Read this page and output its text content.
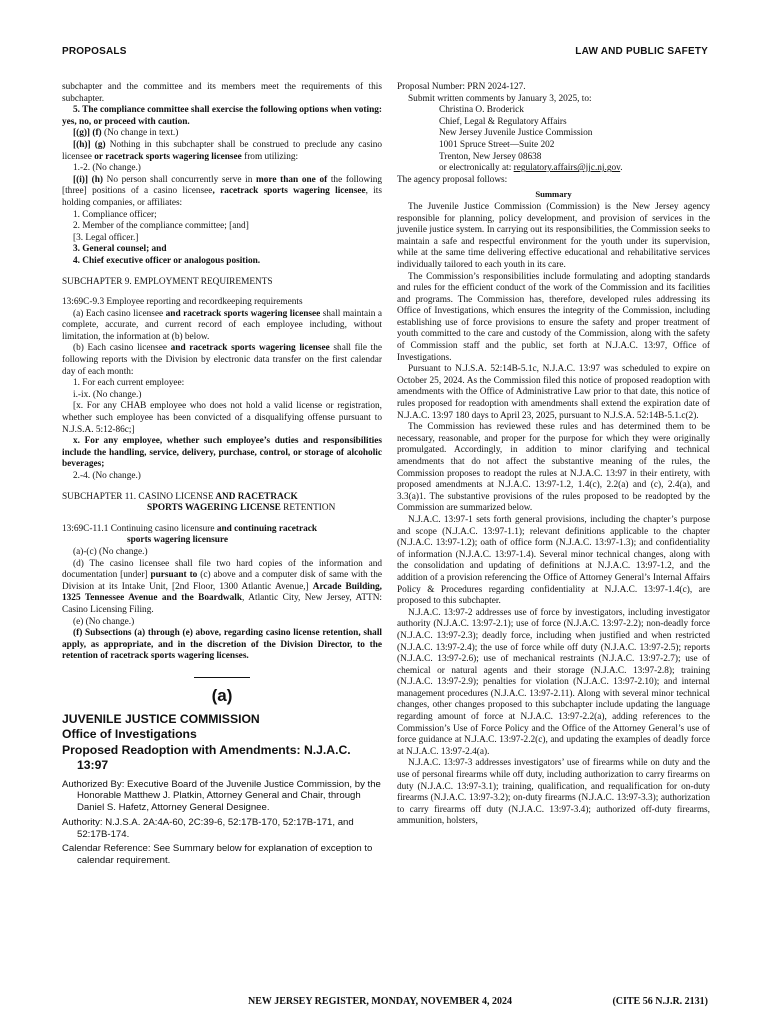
PROPOSALS	LAW AND PUBLIC SAFETY

subchapter and the committee and its members meet the requirements of this subchapter.

5. The compliance committee shall exercise the following options when voting: yes, no, or proceed with caution.

[(g)] (f) (No change in text.)

[(h)] (g) Nothing in this subchapter shall be construed to preclude any casino licensee or racetrack sports wagering licensee from utilizing:

1.-2. (No change.)

[(i)] (h) No person shall concurrently serve in more than one of the following [three] positions of a casino licensee, racetrack sports wagering licensee, its holding companies, or affiliates:

1. Compliance officer;

2. Member of the compliance committee; [and]

[3. Legal officer.]

3. General counsel; and

4. Chief executive officer or analogous position.

SUBCHAPTER 9. EMPLOYMENT REQUIREMENTS

13:69C-9.3 Employee reporting and recordkeeping requirements

(a) Each casino licensee and racetrack sports wagering licensee shall maintain a complete, accurate, and current record of each employee including, without limitation, the information at (b) below.

(b) Each casino licensee and racetrack sports wagering licensee shall file the following reports with the Division by electronic data transfer on the first calendar day of each month:

1. For each current employee:

i.-ix. (No change.)

[x. For any CHAB employee who does not hold a valid license or registration, whether such employee has been convicted of a disqualifying offense pursuant to N.J.S.A. 5:12-86c;]

x. For any employee, whether such employee’s duties and responsibilities include the handling, service, delivery, purchase, control, or storage of alcoholic beverages;

2.-4. (No change.)

SUBCHAPTER 11. CASINO LICENSE AND RACETRACK

SPORTS WAGERING LICENSE RETENTION

13:69C-11.1 Continuing casino licensure and continuing racetrack

sports wagering licensure

(a)-(c) (No change.)

(d) The casino licensee shall file two hard copies of the information and documentation [under] pursuant to (c) above and a computer disk of same with the Division at its Intake Unit, [2nd Floor, 1300 Atlantic Avenue,] Arcade Building, 1325 Tennessee Avenue and the Boardwalk, Atlantic City, New Jersey, ATTN: Casino Licensing Filing.

(e) (No change.)

(f) Subsections (a) through (e) above, regarding casino license retention, shall apply, as appropriate, and in the discretion of the Division Director, to the retention of racetrack sports wagering licenses.

(a)

JUVENILE JUSTICE COMMISSION

Office of Investigations

Proposed Readoption with Amendments: N.J.A.C.

13:97

Authorized By: Executive Board of the Juvenile Justice Commission, by the Honorable Matthew J. Platkin, Attorney General and Chair, through Daniel S. Hafetz, Attorney General Designee.

Authority: N.J.S.A. 2A:4A-60, 2C:39-6, 52:17B-170, 52:17B-171, and 52:17B-174.

Calendar Reference: See Summary below for explanation of exception to calendar requirement.

Proposal Number: PRN 2024-127.

Submit written comments by January 3, 2025, to:

Christina O. Broderick

Chief, Legal & Regulatory Affairs

New Jersey Juvenile Justice Commission

1001 Spruce Street—Suite 202

Trenton, New Jersey 08638

or electronically at: regulatory.affairs@jjc.nj.gov.

The agency proposal follows:

Summary

The Juvenile Justice Commission (Commission) is the New Jersey agency responsible for planning, policy development, and provision of services in the juvenile justice system. In carrying out its responsibilities, the Commission seeks to maintain a safe and respectful environment for the youth under its supervision, while at the same time delivering effective educational and rehabilitative services individually tailored to each youth in its care.

The Commission’s responsibilities include formulating and adopting standards and rules for the efficient conduct of the work of the Commission and its facilities and programs. The Commission has, therefore, developed rules addressing its Office of Investigations, which ensures the integrity of the Commission, including establishing use of force provisions to ensure the safety and proper treatment of youth committed to the care and custody of the Commission, along with the safety of Commission staff and the public, set forth at N.J.A.C. 13:97, Office of Investigations.

Pursuant to N.J.S.A. 52:14B-5.1c, N.J.A.C. 13:97 was scheduled to expire on October 25, 2024. As the Commission filed this notice of proposed readoption with amendments with the Office of Administrative Law prior to that date, this notice of rules proposed for readoption with amendments shall extend the expiration date of N.J.A.C. 13:97 180 days to April 23, 2025, pursuant to N.J.S.A. 52:14B-5.1.c(2).

The Commission has reviewed these rules and has determined them to be necessary, reasonable, and proper for the purpose for which they were originally promulgated. Accordingly, in addition to minor clarifying and technical amendments that do not affect the substantive meaning of the rules, the Commission proposes to readopt the rules at N.J.A.C. 13:97 in their entirety, with proposed amendments at N.J.A.C. 13:97-1.2, 1.4(c), 2.2(a) and (c), 2.4(a), and 3.3(a)1. The substantive provisions of the rules proposed to be readopted by the Commission are summarized below.

N.J.A.C. 13:97-1 sets forth general provisions, including the chapter’s purpose and scope (N.J.A.C. 13:97-1.1); relevant definitions applicable to the chapter (N.J.A.C. 13:97-1.2); oath of office form (N.J.A.C. 13:97-1.3); and confidentiality of information (N.J.A.C. 13:97-1.4). Several minor technical changes, along with the consolidation and updating of definitions at N.J.A.C. 13:97-1.2, and the addition of a provision referencing the Office of Attorney General’s Internal Affairs Policy & Procedures regarding confidentiality at N.J.A.C. 13:97-1.4(c), are proposed to this subchapter.

N.J.A.C. 13:97-2 addresses use of force by investigators, including investigator authority (N.J.A.C. 13:97-2.1); use of force (N.J.A.C. 13:97-2.2); non-deadly force (N.J.A.C. 13:97-2.3); deadly force, including when justified and when restricted (N.J.A.C. 13:97-2.4); the use of force while off duty (N.J.A.C. 13:97-2.5); reports (N.J.A.C. 13:97-2.6); use of mechanical restraints (N.J.A.C. 13:97-2.7); use of chemical or natural agents and their storage (N.J.A.C. 13:97-2.8); training (N.J.A.C. 13:97-2.9); penalties for violation (N.J.A.C. 13:97-2.10); and internal management procedures (N.J.A.C. 13:97-2.11). Along with several minor technical changes, other changes proposed to this subchapter include updating the language regarding amount of force at N.J.A.C. 13:97-2.2(a), adding references to the Commission’s Use of Force Policy and the Office of the Attorney General’s use of force guidance at N.J.A.C. 13:97-2.2(c), and updating the examples of deadly force at N.J.A.C. 13:97-2.4(a).

N.J.A.C. 13:97-3 addresses investigators’ use of firearms while on duty and the use of personal firearms while off duty, including authorization to carry firearms on duty (N.J.A.C. 13:97-3.1); training, qualification, and requalification for on-duty firearms (N.J.A.C. 13:97-3.2); on-duty firearms (N.J.A.C. 13:97-3.3); authorization to carry firearms off duty (N.J.A.C. 13:97-3.4); authorized off-duty firearms, ammunition, holsters,

NEW JERSEY REGISTER, MONDAY, NOVEMBER 4, 2024	(CITE 56 N.J.R. 2131)
